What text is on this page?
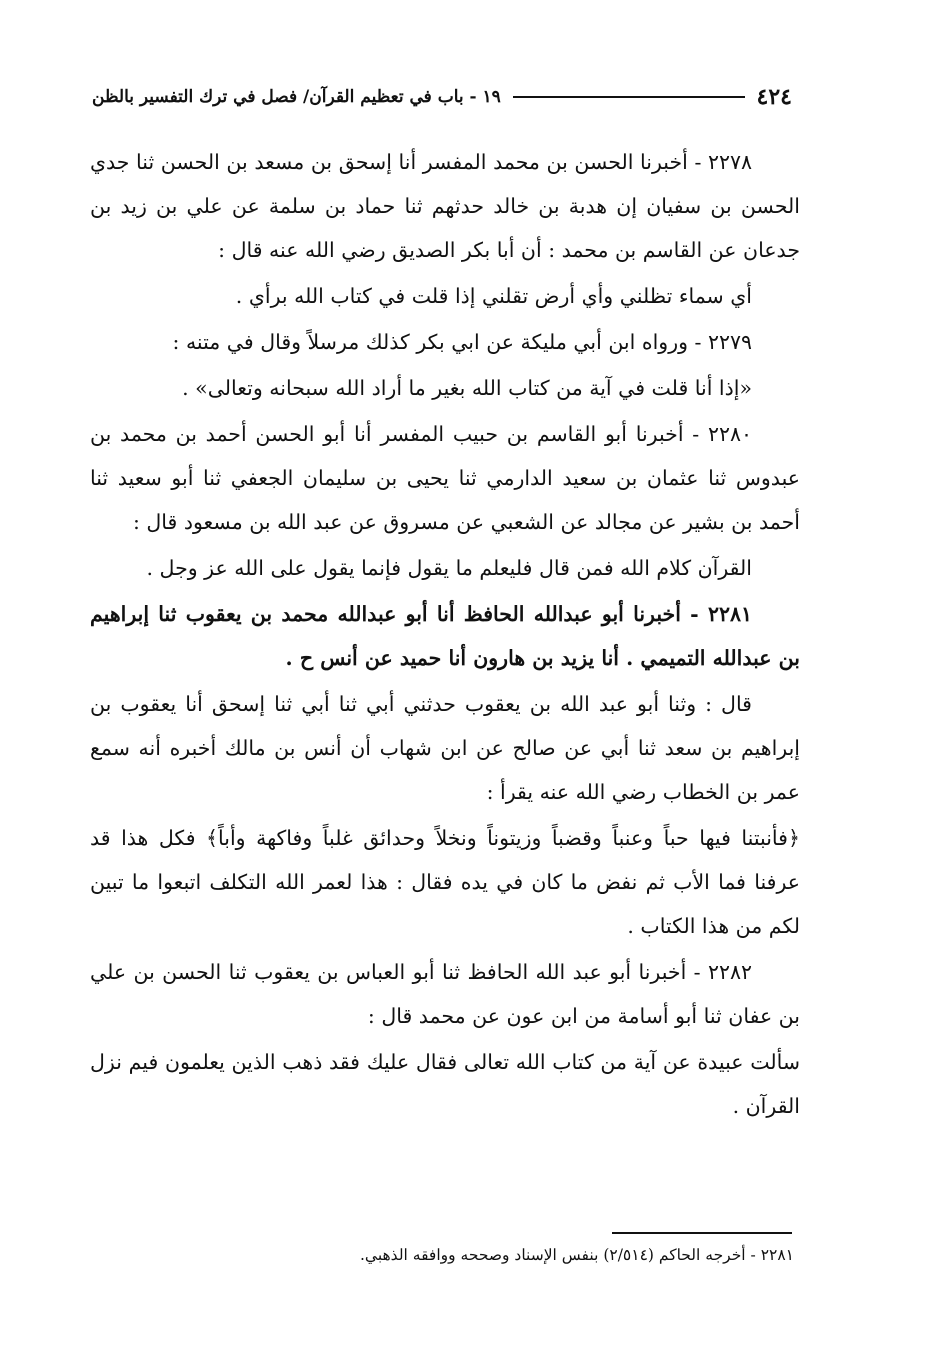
٤٢٤
١٩ - باب في تعظيم القرآن/ فصل في ترك التفسير بالظن

٢٢٧٨ - أخبرنا الحسن بن محمد المفسر أنا إسحق بن مسعد بن الحسن ثنا جدي الحسن بن سفيان إن هدبة بن خالد حدثهم ثنا حماد بن سلمة عن علي بن زيد بن جدعان عن القاسم بن محمد : أن أبا بكر الصديق رضي الله عنه قال :

أي سماء تظلني وأي أرض تقلني إذا قلت في كتاب الله برأي .

٢٢٧٩ - ورواه ابن أبي مليكة عن ابي بكر كذلك مرسلاً وقال في متنه :

«إذا أنا قلت في آية من كتاب الله بغير ما أراد الله سبحانه وتعالى» .

٢٢٨٠ - أخبرنا أبو القاسم بن حبيب المفسر أنا أبو الحسن أحمد بن محمد بن عبدوس ثنا عثمان بن سعيد الدارمي ثنا يحيى بن سليمان الجعفي ثنا أبو سعيد ثنا أحمد بن بشير عن مجالد عن الشعبي عن مسروق عن عبد الله بن مسعود قال :

القرآن كلام الله فمن قال فليعلم ما يقول فإنما يقول على الله عز وجل .

٢٢٨١ - أخبرنا أبو عبدالله الحافظ أنا أبو عبدالله محمد بن يعقوب ثنا إبراهيم بن عبدالله التميمي . أنا يزيد بن هارون أنا حميد عن أنس ح .

قال : وثنا أبو عبد الله بن يعقوب حدثني أبي ثنا أبي ثنا إسحق أنا يعقوب بن إبراهيم بن سعد ثنا أبي عن صالح عن ابن شهاب أن أنس بن مالك أخبره أنه سمع عمر بن الخطاب رضي الله عنه يقرأ :

﴿فأنبتنا فيها حباً وعنباً وقضباً وزيتوناً ونخلاً وحدائق غلباً وفاكهة وأباً﴾ فكل هذا قد عرفنا فما الأب ثم نفض ما كان في يده فقال : هذا لعمر الله التكلف اتبعوا ما تبين لكم من هذا الكتاب .

٢٢٨٢ - أخبرنا أبو عبد الله الحافظ ثنا أبو العباس بن يعقوب ثنا الحسن بن علي بن عفان ثنا أبو أسامة من ابن عون عن محمد قال :

سألت عبيدة عن آية من كتاب الله تعالى فقال عليك فقد ذهب الذين يعلمون فيم نزل القرآن .

٢٢٨١ - أخرجه الحاكم (٢/٥١٤) بنفس الإسناد وصححه ووافقه الذهبي.
